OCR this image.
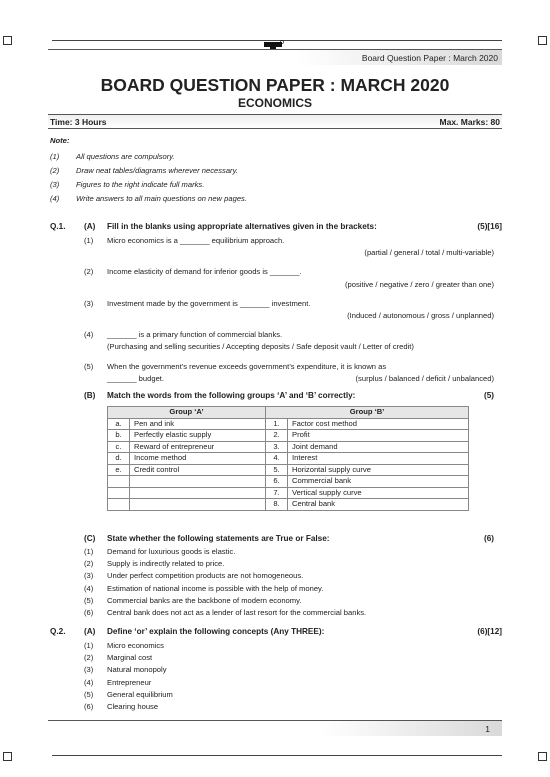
Board Question Paper : March 2020
BOARD QUESTION PAPER : MARCH 2020
ECONOMICS
Time: 3 Hours	Max. Marks: 80
Note:
(1) All questions are compulsory.
(2) Draw neat tables/diagrams wherever necessary.
(3) Figures to the right indicate full marks.
(4) Write answers to all main questions on new pages.
Q.1. (A) Fill in the blanks using appropriate alternatives given in the brackets:	(5)[16]
(1) Micro economics is a _______ equilibrium approach.
(partial / general / total / multi-variable)
(2) Income elasticity of demand for inferior goods is _______.
(positive / negative / zero / greater than one)
(3) Investment made by the government is _______ investment.
(Induced / autonomous / gross / unplanned)
(4) _______ is a primary function of commercial blanks.
(Purchasing and selling securities / Accepting deposits / Safe deposit vault / Letter of credit)
(5) When the government’s revenue exceeds government’s expenditure, it is known as
_______ budget.	(surplus / balanced / deficit / unbalanced)
(B) Match the words from the following groups ‘A’ and ‘B’ correctly:	(5)
Group ‘A’		Group ‘B’	
a.	Pen and ink	1.	Factor cost method
b.	Perfectly elastic supply	2.	Profit
c.	Reward of entrepreneur	3.	Joint demand
d.	Income method	4.	Interest
e.	Credit control	5.	Horizontal supply curve
		6.	Commercial bank
		7.	Vertical supply curve
		8.	Central bank
(C) State whether the following statements are True or False:	(6)
(1) Demand for luxurious goods is elastic.
(2) Supply is indirectly related to price.
(3) Under perfect competition products are not homogeneous.
(4) Estimation of national income is possible with the help of money.
(5) Commercial banks are the backbone of modern economy.
(6) Central bank does not act as a lender of last resort for the commercial banks.
Q.2. (A) Define ‘or’ explain the following concepts (Any THREE):	(6)[12]
(1) Micro economics
(2) Marginal cost
(3) Natural monopoly
(4) Entrepreneur
(5) General equilibrium
(6) Clearing house
1
